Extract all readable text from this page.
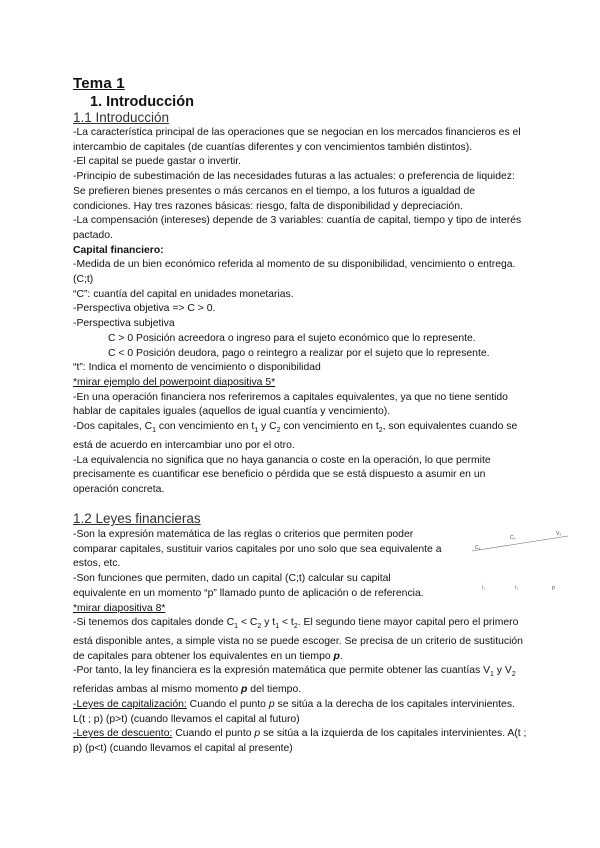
Tema 1
1. Introducción
1.1 Introducción

-La característica principal de las operaciones que se negocian en los mercados financieros es el intercambio de capitales (de cuantías diferentes y con vencimientos también distintos).

-El capital se puede gastar o invertir.

-Principio de subestimación de las necesidades futuras a las actuales: o preferencia de liquidez: Se prefieren bienes presentes o más cercanos en el tiempo, a los futuros a igualdad de condiciones. Hay tres razones básicas: riesgo, falta de disponibilidad y depreciación.

-La compensación (intereses) depende de 3 variables: cuantía de capital, tiempo y tipo de interés pactado.

Capital financiero:

-Medida de un bien económico referida al momento de su disponibilidad, vencimiento o entrega. (C;t)

“C”: cuantía del capital en unidades monetarias.

-Perspectiva objetiva => C > 0.

-Perspectiva subjetiva

C > 0 Posición acreedora o ingreso para el sujeto económico que lo represente.

C < 0 Posición deudora, pago o reintegro a realizar por el sujeto que lo represente.

“t”: Indica el momento de vencimiento o disponibilidad

*mirar ejemplo del powerpoint diapositiva 5*

-En una operación financiera nos referiremos a capitales equivalentes, ya que no tiene sentido hablar de capitales iguales (aquellos de igual cuantía y vencimiento).

-Dos capitales, $C_1$ con vencimiento en $t_1$ y $C_2$ con vencimiento en $t_2$, son equivalentes cuando se está de acuerdo en intercambiar uno por el otro.

-La equivalencia no significa que no haya ganancia o coste en la operación, lo que permite precisamente es cuantificar ese beneficio o pérdida que se está dispuesto a asumir en un operación concreta.

1.2 Leyes financieras

-Son la expresión matemática de las reglas o criterios que permiten poder comparar capitales, sustituir varios capitales por uno solo que sea equivalente a estos, etc.

-Son funciones que permiten, dado un capital (C;t) calcular su capital equivalente en un momento “p” llamado punto de aplicación o de referencia.

*mirar diapositiva 8*

-Si tenemos dos capitales donde $C_1 < C_2$ y $t_1 < t_2$. El segundo tiene mayor capital pero el primero está disponible antes, a simple vista no se puede escoger. Se precisa de un criterio de sustitución de capitales para obtener los equivalentes en un tiempo p.

-Por tanto, la ley financiera es la expresión matemática que permite obtener las cuantías $V_1$ y $V_2$ referidas ambas al mismo momento p del tiempo.

-Leyes de capitalización: Cuando el punto p se sitúa a la derecha de los capitales intervinientes. L(t ; p) (p>t) (cuando llevamos el capital al futuro)

-Leyes de descuento: Cuando el punto p se sitúa a la izquierda de los capitales intervinientes. A(t ; p) (p<t) (cuando llevamos el capital al presente)

C₁
C₂
V₂
t₁	t₂	p
